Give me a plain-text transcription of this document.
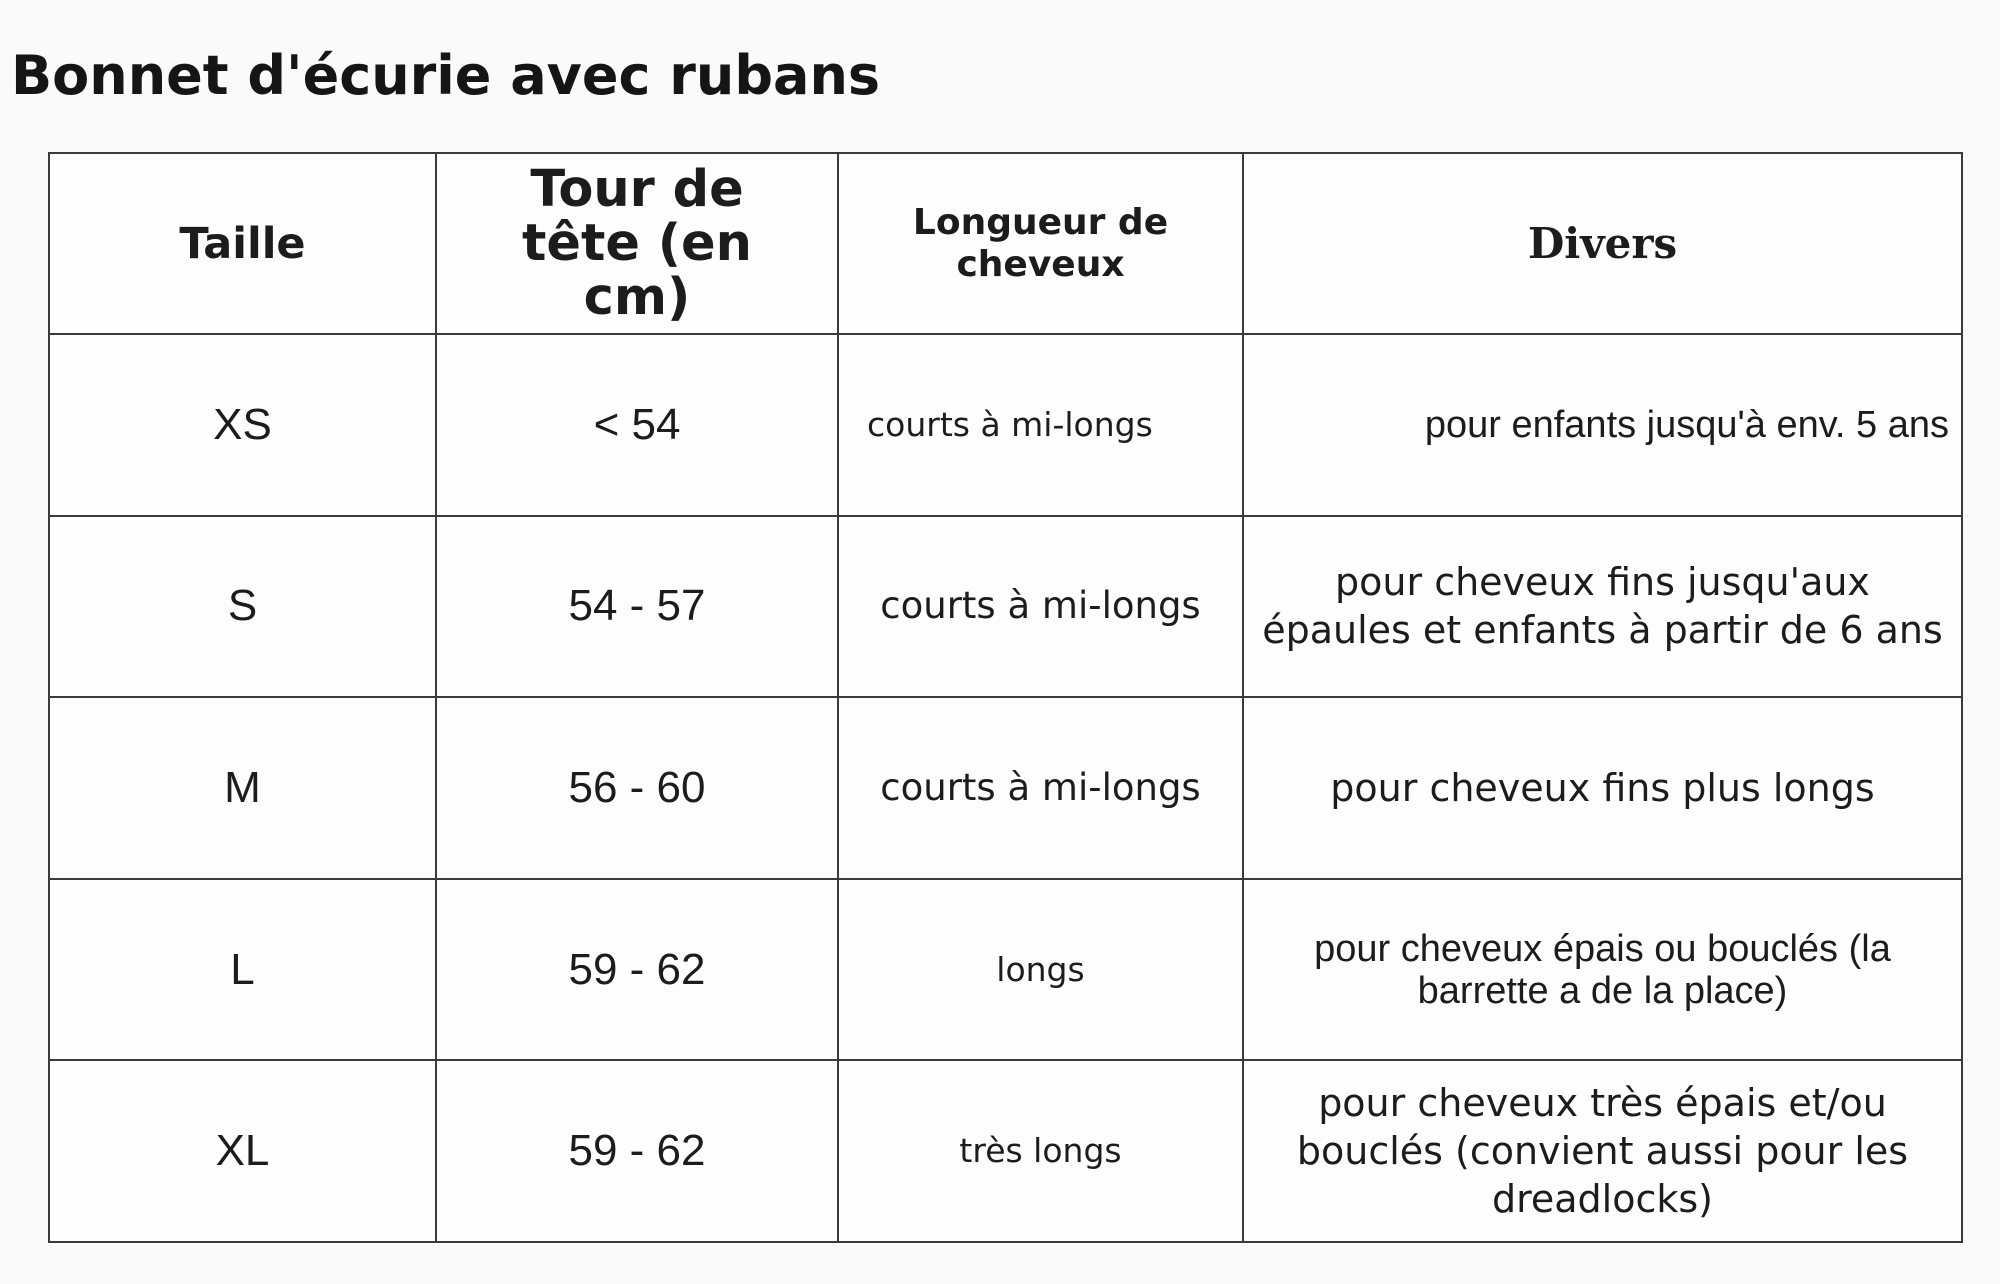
Bonnet d'écurie avec rubans
Taille	Tour de tête (en cm)	Longueur de cheveux	Divers
XS	< 54	courts à mi-longs	pour enfants jusqu'à env. 5 ans
S	54 - 57	courts à mi-longs	pour cheveux fins jusqu'aux épaules et enfants à partir de 6 ans
M	56 - 60	courts à mi-longs	pour cheveux fins plus longs
L	59 - 62	longs	pour cheveux épais ou bouclés (la barrette a de la place)
XL	59 - 62	très longs	pour cheveux très épais et/ou bouclés (convient aussi pour les dreadlocks)
